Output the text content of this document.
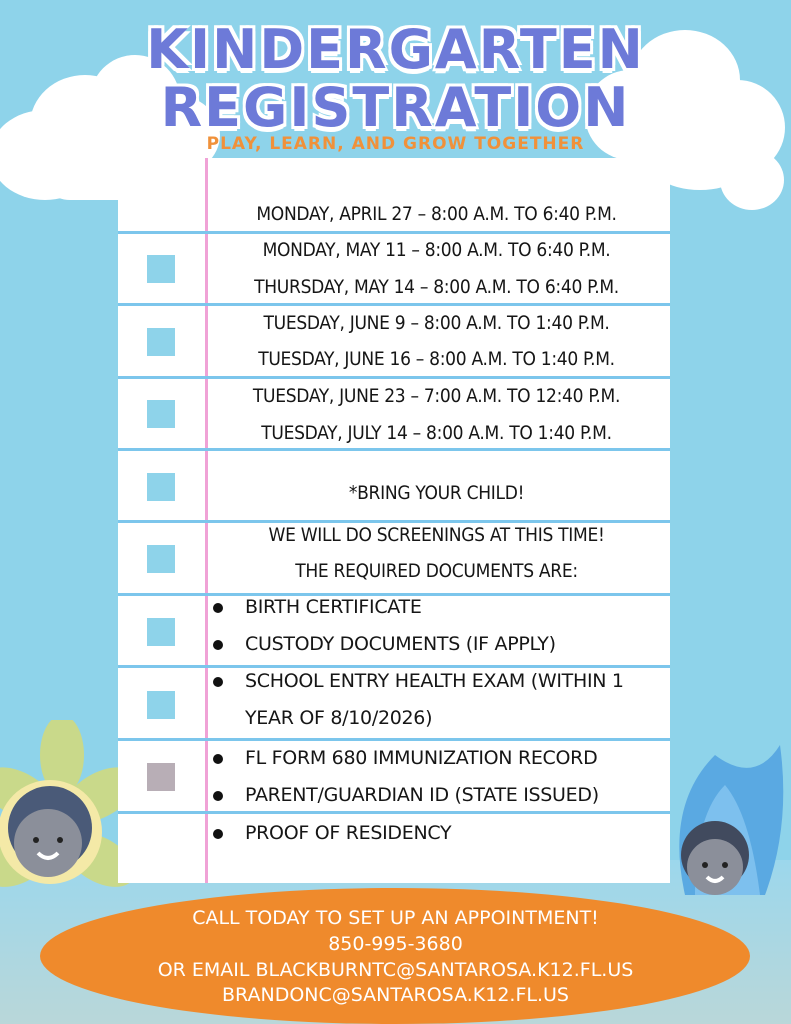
KINDERGARTEN
REGISTRATION
PLAY, LEARN, AND GROW TOGETHER
MONDAY, APRIL 27 – 8:00 A.M. TO 6:40 P.M.
MONDAY, MAY 11 – 8:00 A.M. TO 6:40 P.M.
THURSDAY, MAY 14 – 8:00 A.M. TO 6:40 P.M.
TUESDAY, JUNE 9 – 8:00 A.M. TO 1:40 P.M.
TUESDAY, JUNE 16 – 8:00 A.M. TO 1:40 P.M.
TUESDAY, JUNE 23 – 7:00 A.M. TO 12:40 P.M.
TUESDAY, JULY 14 – 8:00 A.M. TO 1:40 P.M.
*BRING YOUR CHILD!
WE WILL DO SCREENINGS AT THIS TIME!
THE REQUIRED DOCUMENTS ARE:
BIRTH CERTIFICATE
CUSTODY DOCUMENTS (IF APPLY)
SCHOOL ENTRY HEALTH EXAM (WITHIN 1
YEAR OF 8/10/2026)
FL FORM 680 IMMUNIZATION RECORD
PARENT/GUARDIAN ID (STATE ISSUED)
PROOF OF RESIDENCY
CALL TODAY TO SET UP AN APPOINTMENT!
850-995-3680
OR EMAIL BLACKBURNTC@SANTAROSA.K12.FL.US
BRANDONC@SANTAROSA.K12.FL.US
